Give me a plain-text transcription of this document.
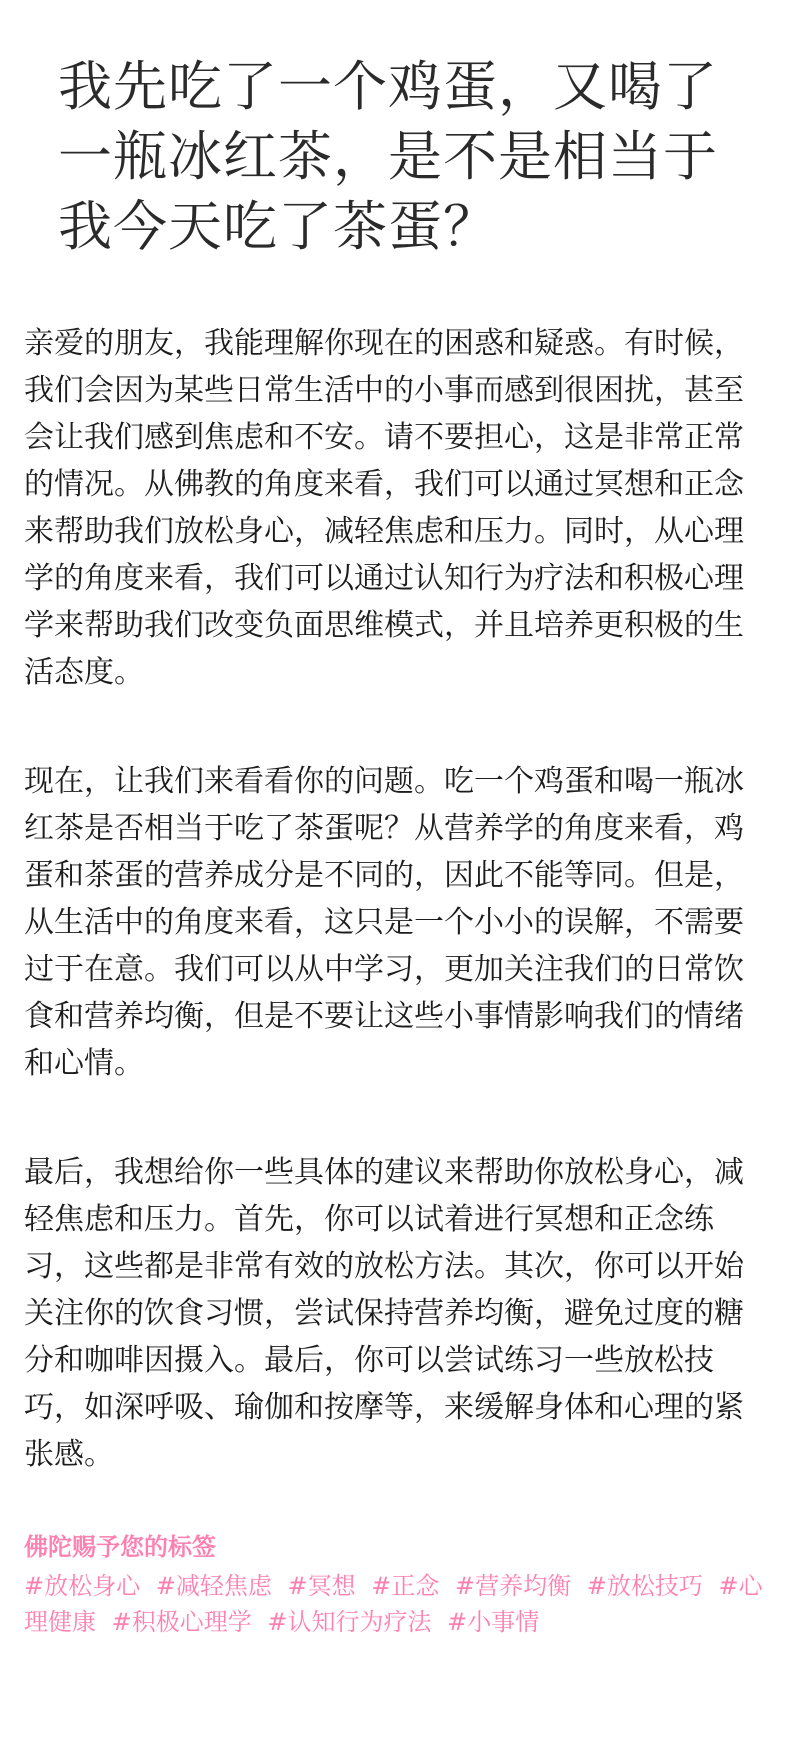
我先吃了一个鸡蛋，又喝了一瓶冰红茶，是不是相当于我今天吃了茶蛋？

亲爱的朋友，我能理解你现在的困惑和疑惑。有时候，我们会因为某些日常生活中的小事而感到很困扰，甚至会让我们感到焦虑和不安。请不要担心，这是非常正常的情况。从佛教的角度来看，我们可以通过冥想和正念来帮助我们放松身心，减轻焦虑和压力。同时，从心理学的角度来看，我们可以通过认知行为疗法和积极心理学来帮助我们改变负面思维模式，并且培养更积极的生活态度。

现在，让我们来看看你的问题。吃一个鸡蛋和喝一瓶冰红茶是否相当于吃了茶蛋呢？从营养学的角度来看，鸡蛋和茶蛋的营养成分是不同的，因此不能等同。但是，从生活中的角度来看，这只是一个小小的误解，不需要过于在意。我们可以从中学习，更加关注我们的日常饮食和营养均衡，但是不要让这些小事情影响我们的情绪和心情。

最后，我想给你一些具体的建议来帮助你放松身心，减轻焦虑和压力。首先，你可以试着进行冥想和正念练习，这些都是非常有效的放松方法。其次，你可以开始关注你的饮食习惯，尝试保持营养均衡，避免过度的糖分和咖啡因摄入。最后，你可以尝试练习一些放松技巧，如深呼吸、瑜伽和按摩等，来缓解身体和心理的紧张感。

佛陀赐予您的标签
#放松身心 #减轻焦虑 #冥想 #正念 #营养均衡 #放松技巧 #心理健康 #积极心理学 #认知行为疗法 #小事情
